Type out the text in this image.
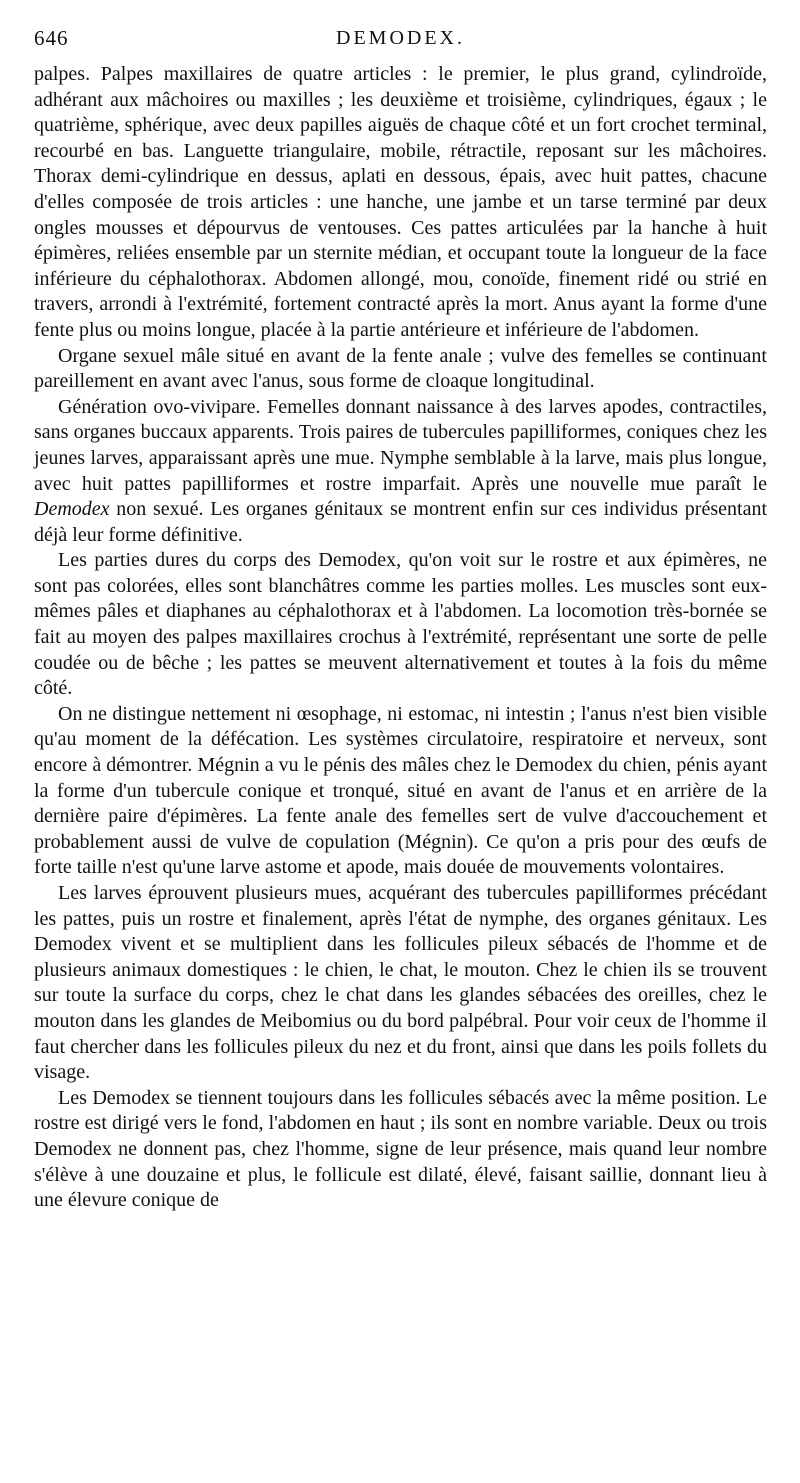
646	DEMODEX.

palpes. Palpes maxillaires de quatre articles : le premier, le plus grand, cylindroïde, adhérant aux mâchoires ou maxilles ; les deuxième et troisième, cylindriques, égaux ; le quatrième, sphérique, avec deux papilles aiguës de chaque côté et un fort crochet terminal, recourbé en bas. Languette triangulaire, mobile, rétractile, reposant sur les mâchoires. Thorax demi-cylindrique en dessus, aplati en dessous, épais, avec huit pattes, chacune d'elles composée de trois articles : une hanche, une jambe et un tarse terminé par deux ongles mousses et dépourvus de ventouses. Ces pattes articulées par la hanche à huit épimères, reliées ensemble par un sternite médian, et occupant toute la longueur de la face inférieure du céphalothorax. Abdomen allongé, mou, conoïde, finement ridé ou strié en travers, arrondi à l'extrémité, fortement contracté après la mort. Anus ayant la forme d'une fente plus ou moins longue, placée à la partie antérieure et inférieure de l'abdomen.

Organe sexuel mâle situé en avant de la fente anale ; vulve des femelles se continuant pareillement en avant avec l'anus, sous forme de cloaque longitudinal.

Génération ovo-vivipare. Femelles donnant naissance à des larves apodes, contractiles, sans organes buccaux apparents. Trois paires de tubercules papilliformes, coniques chez les jeunes larves, apparaissant après une mue. Nymphe semblable à la larve, mais plus longue, avec huit pattes papilliformes et rostre imparfait. Après une nouvelle mue paraît le Demodex non sexué. Les organes génitaux se montrent enfin sur ces individus présentant déjà leur forme définitive.

Les parties dures du corps des Demodex, qu'on voit sur le rostre et aux épimères, ne sont pas colorées, elles sont blanchâtres comme les parties molles. Les muscles sont eux-mêmes pâles et diaphanes au céphalothorax et à l'abdomen. La locomotion très-bornée se fait au moyen des palpes maxillaires crochus à l'extrémité, représentant une sorte de pelle coudée ou de bêche ; les pattes se meuvent alternativement et toutes à la fois du même côté.

On ne distingue nettement ni œsophage, ni estomac, ni intestin ; l'anus n'est bien visible qu'au moment de la défécation. Les systèmes circulatoire, respiratoire et nerveux, sont encore à démontrer. Mégnin a vu le pénis des mâles chez le Demodex du chien, pénis ayant la forme d'un tubercule conique et tronqué, situé en avant de l'anus et en arrière de la dernière paire d'épimères. La fente anale des femelles sert de vulve d'accouchement et probablement aussi de vulve de copulation (Mégnin). Ce qu'on a pris pour des œufs de forte taille n'est qu'une larve astome et apode, mais douée de mouvements volontaires.

Les larves éprouvent plusieurs mues, acquérant des tubercules papilliformes précédant les pattes, puis un rostre et finalement, après l'état de nymphe, des organes génitaux. Les Demodex vivent et se multiplient dans les follicules pileux sébacés de l'homme et de plusieurs animaux domestiques : le chien, le chat, le mouton. Chez le chien ils se trouvent sur toute la surface du corps, chez le chat dans les glandes sébacées des oreilles, chez le mouton dans les glandes de Meibomius ou du bord palpébral. Pour voir ceux de l'homme il faut chercher dans les follicules pileux du nez et du front, ainsi que dans les poils follets du visage.

Les Demodex se tiennent toujours dans les follicules sébacés avec la même position. Le rostre est dirigé vers le fond, l'abdomen en haut ; ils sont en nombre variable. Deux ou trois Demodex ne donnent pas, chez l'homme, signe de leur présence, mais quand leur nombre s'élève à une douzaine et plus, le follicule est dilaté, élevé, faisant saillie, donnant lieu à une élevure conique de
